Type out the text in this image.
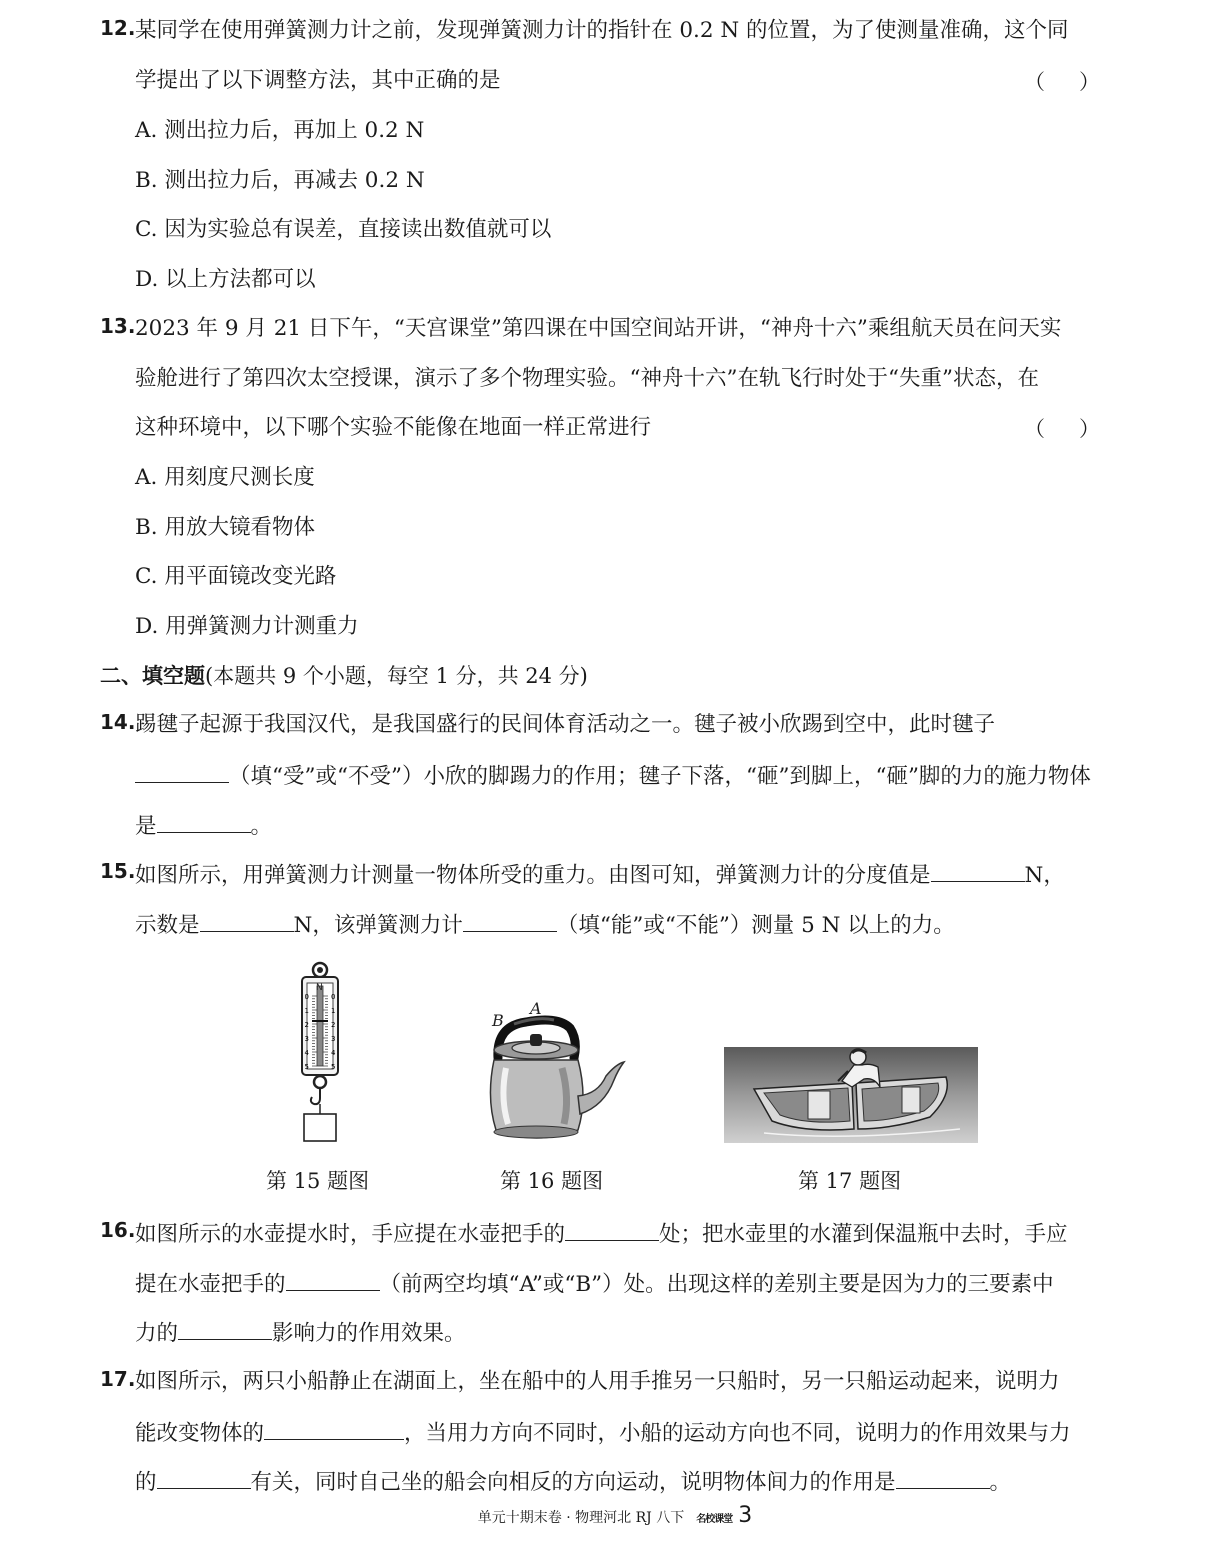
12. 某同学在使用弹簧测力计之前，发现弹簧测力计的指针在 0.2 N 的位置，为了使测量准确，这个同
学提出了以下调整方法，其中正确的是	（）
A. 测出拉力后，再加上 0.2 N
B. 测出拉力后，再减去 0.2 N
C. 因为实验总有误差，直接读出数值就可以
D. 以上方法都可以
13. 2023 年 9 月 21 日下午，“天宫课堂”第四课在中国空间站开讲，“神舟十六”乘组航天员在问天实
验舱进行了第四次太空授课，演示了多个物理实验。“神舟十六”在轨飞行时处于“失重”状态，在
这种环境中，以下哪个实验不能像在地面一样正常进行	（）
A. 用刻度尺测长度
B. 用放大镜看物体
C. 用平面镜改变光路
D. 用弹簧测力计测重力
二、填空题(本题共 9 个小题，每空 1 分，共 24 分)
14. 踢毽子起源于我国汉代，是我国盛行的民间体育活动之一。毽子被小欣踢到空中，此时毽子
（填“受”或“不受”）小欣的脚踢力的作用；毽子下落，“砸”到脚上，“砸”脚的力的施力物体
是	。
15. 如图所示，用弹簧测力计测量一物体所受的重力。由图可知，弹簧测力计的分度值是	N，
示数是	N，该弹簧测力计	（填“能”或“不能”）测量 5 N 以上的力。
N
0	0
1	1
2	2
3	3
4	4
5	5
B
A
第 15 题图	第 16 题图	第 17 题图
16. 如图所示的水壶提水时，手应提在水壶把手的	处；把水壶里的水灌到保温瓶中去时，手应
提在水壶把手的	（前两空均填“A”或“B”）处。出现这样的差别主要是因为力的三要素中
力的	影响力的作用效果。
17. 如图所示，两只小船静止在湖面上，坐在船中的人用手推另一只船时，另一只船运动起来，说明力
能改变物体的	，当用力方向不同时，小船的运动方向也不同，说明力的作用效果与力
的	有关，同时自己坐的船会向相反的方向运动，说明物体间力的作用是	。
单元十期末卷 · 物理河北 RJ 八下 名校课堂 3
